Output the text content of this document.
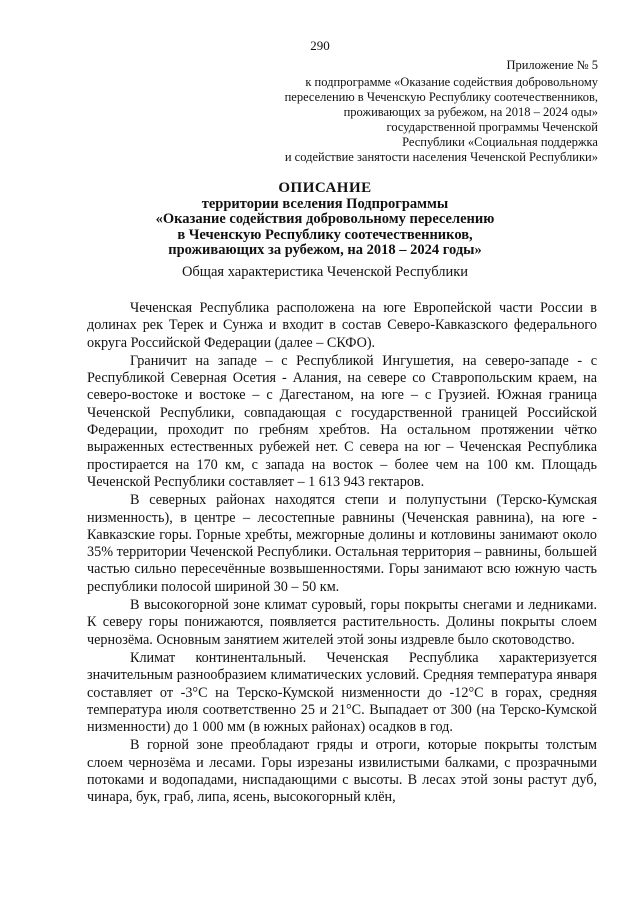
290
Приложение № 5
к подпрограмме «Оказание содействия добровольному
переселению в Чеченскую Республику соотечественников,
проживающих за рубежом, на 2018 – 2024 оды»
государственной программы Чеченской
Республики «Социальная поддержка
и содействие занятости населения Чеченской Республики»
ОПИСАНИЕ
территории вселения Подпрограммы
«Оказание содействия добровольному переселению
в Чеченскую Республику соотечественников,
проживающих за рубежом, на 2018 – 2024 годы»
Общая характеристика Чеченской Республики

Чеченская Республика расположена на юге Европейской части России в долинах рек Терек и Сунжа и входит в состав Северо-Кавказского федерального округа Российской Федерации (далее – СКФО).

Граничит на западе – с Республикой Ингушетия, на северо-западе - с Республикой Северная Осетия - Алания, на севере со Ставропольским краем, на северо-востоке и востоке – с Дагестаном, на юге – с Грузией. Южная граница Чеченской Республики, совпадающая с государственной границей Российской Федерации, проходит по гребням хребтов. На остальном протяжении чётко выраженных естественных рубежей нет. С севера на юг – Чеченская Республика простирается на 170 км, с запада на восток – более чем на 100 км. Площадь Чеченской Республики составляет – 1 613 943 гектаров.

В северных районах находятся степи и полупустыни (Терско-Кумская низменность), в центре – лесостепные равнины (Чеченская равнина), на юге - Кавказские горы. Горные хребты, межгорные долины и котловины занимают около 35% территории Чеченской Республики. Остальная территория – равнины, большей частью сильно пересечённые возвышенностями. Горы занимают всю южную часть республики полосой шириной 30 – 50 км.

В высокогорной зоне климат суровый, горы покрыты снегами и ледниками. К северу горы понижаются, появляется растительность. Долины покрыты слоем чернозёма. Основным занятием жителей этой зоны издревле было скотоводство.

Климат континентальный. Чеченская Республика характеризуется значительным разнообразием климатических условий. Средняя температура января составляет от -3°C на Терско-Кумской низменности до -12°C в горах, средняя температура июля соответственно 25 и 21°C. Выпадает от 300 (на Терско-Кумской низменности) до 1 000 мм (в южных районах) осадков в год.

В горной зоне преобладают гряды и отроги, которые покрыты толстым слоем чернозёма и лесами. Горы изрезаны извилистыми балками, с прозрачными потоками и водопадами, ниспадающими с высоты. В лесах этой зоны растут дуб, чинара, бук, граб, липа, ясень, высокогорный клён,
